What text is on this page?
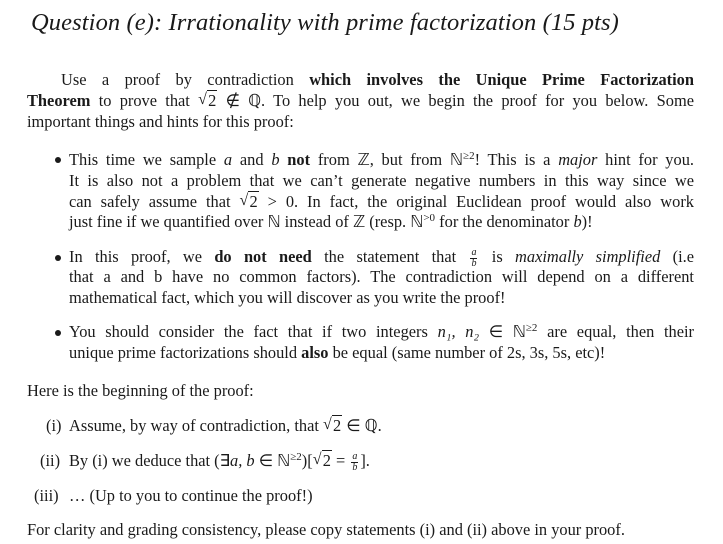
Question (e): Irrationality with prime factorization (15 pts)
Use a proof by contradiction which involves the Unique Prime Factorization
Theorem to prove that √ 2 ∉ ℚ. To help you out, we begin the proof for you below. Some
important things and hints for this proof:
This time we sample a and b not from ℤ, but from ℕ$^{\ge 2}$! This is a major hint for you.
It is also not a problem that we can’t generate negative numbers in this way since we
can safely assume that √ 2 > 0. In fact, the original Euclidean proof would also work
just fine if we quantified over ℕ instead of ℤ (resp. ℕ$^{>0}$ for the denominator b)!
In this proof, we do not need the statement that $\frac{a}{b}$ is maximally simplified (i.e
that a and b have no common factors). The contradiction will depend on a different
mathematical fact, which you will discover as you write the proof!
You should consider the fact that if two integers n₁, n₂ ∈ ℕ$^{\ge 2}$ are equal, then their
unique prime factorizations should also be equal (same number of 2s, 3s, 5s, etc)!
Here is the beginning of the proof:
(i) Assume, by way of contradiction, that √ 2 ∈ ℚ.
(ii) By (i) we deduce that (∃a, b ∈ ℕ$^{\ge 2}$)[√ $2 = \frac{a}{b}$ ].
(iii) … (Up to you to continue the proof!)
For clarity and grading consistency, please copy statements (i) and (ii) above in your proof.
